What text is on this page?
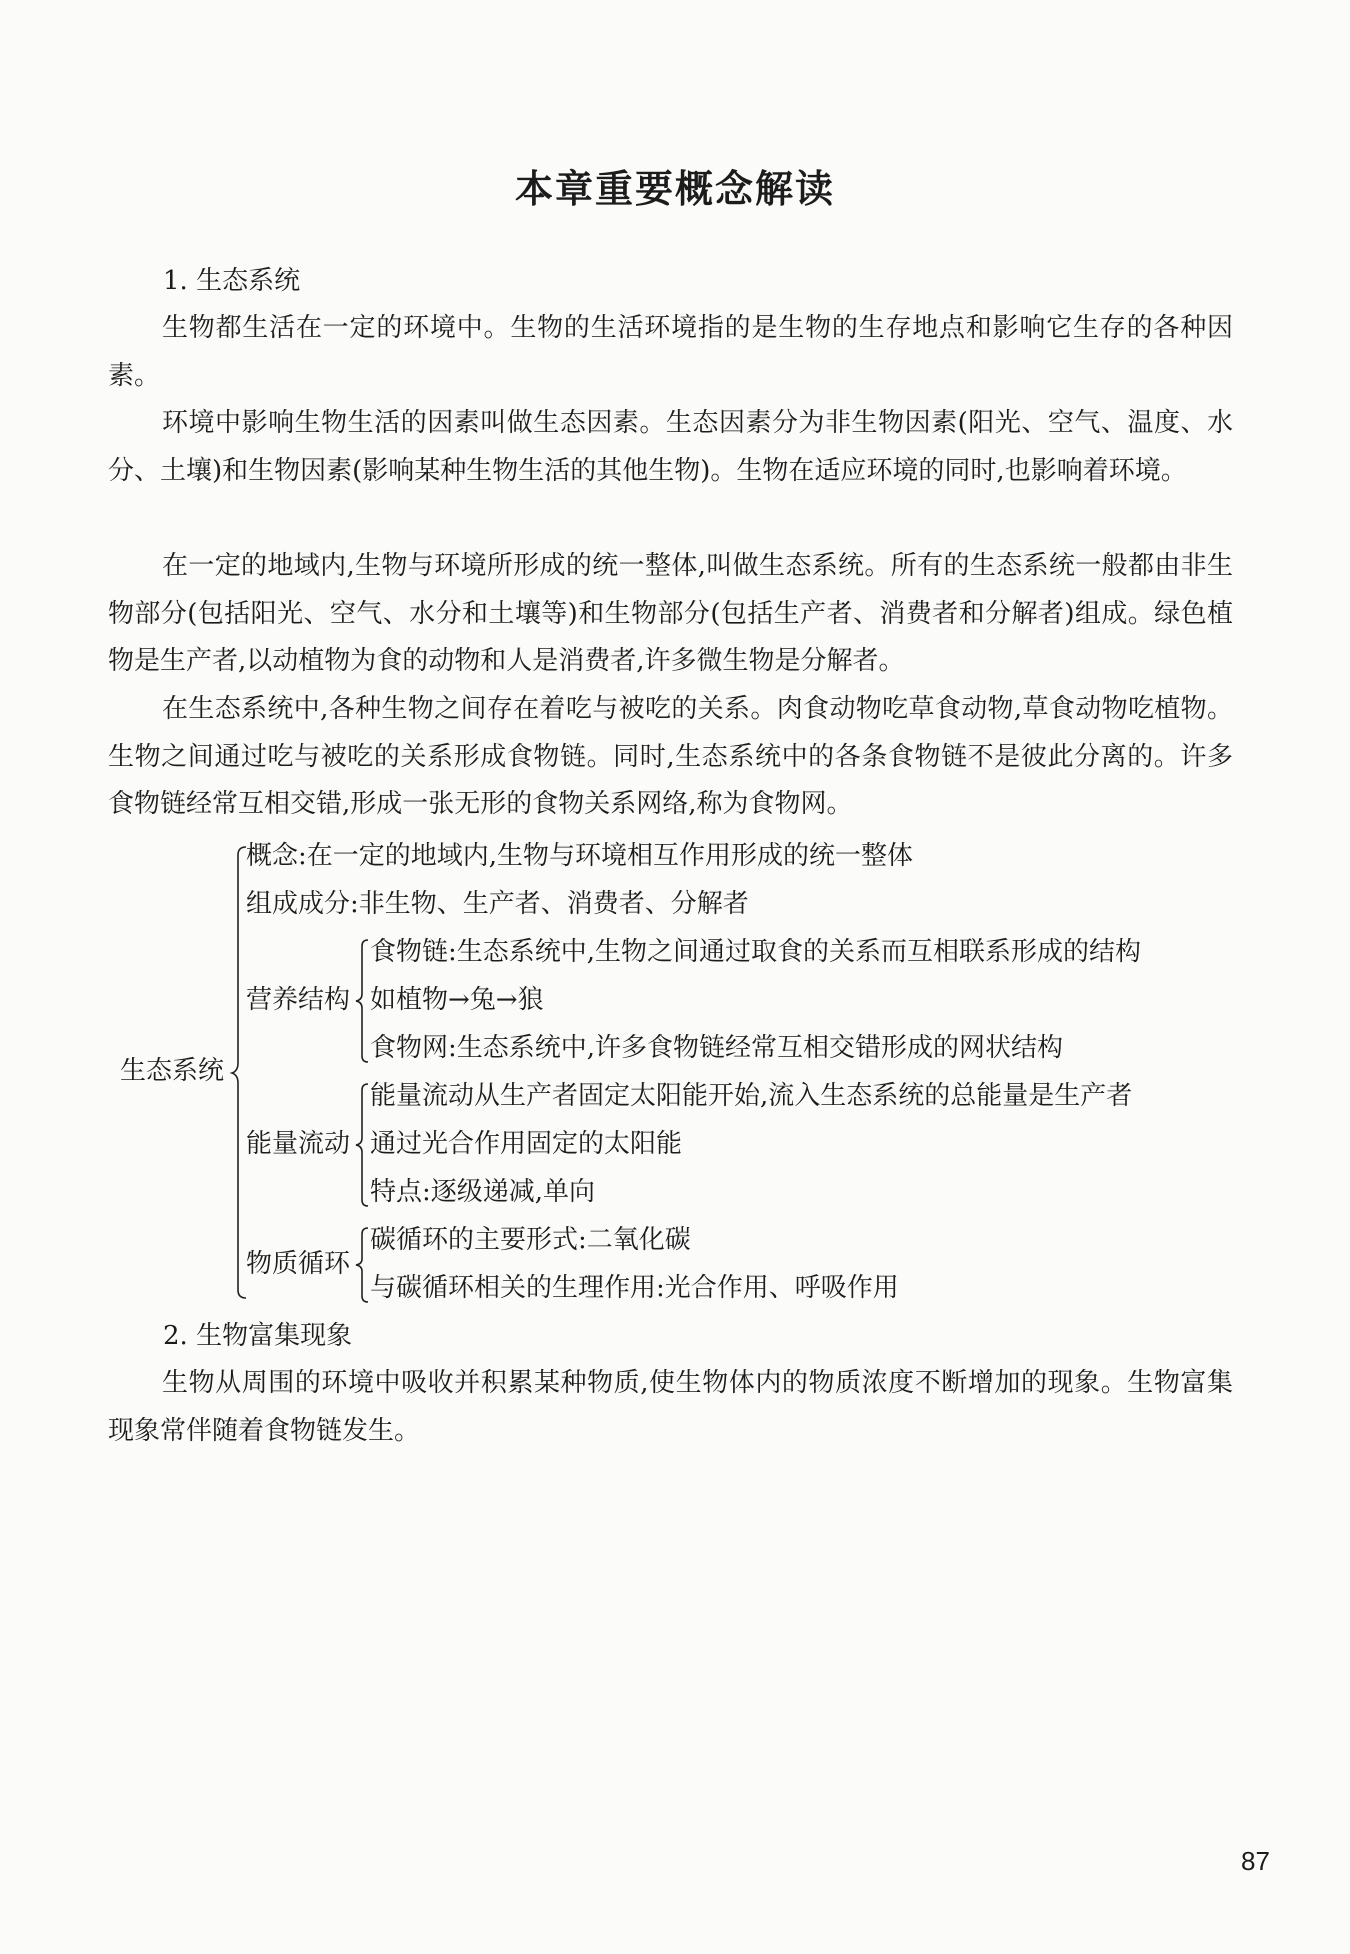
本章重要概念解读
1. 生态系统

生物都生活在一定的环境中。生物的生活环境指的是生物的生存地点和影响它生存的各种因素。

环境中影响生物生活的因素叫做生态因素。生态因素分为非生物因素(阳光、空气、温度、水分、土壤)和生物因素(影响某种生物生活的其他生物)。生物在适应环境的同时,也影响着环境。

在一定的地域内,生物与环境所形成的统一整体,叫做生态系统。所有的生态系统一般都由非生物部分(包括阳光、空气、水分和土壤等)和生物部分(包括生产者、消费者和分解者)组成。绿色植物是生产者,以动植物为食的动物和人是消费者,许多微生物是分解者。

在生态系统中,各种生物之间存在着吃与被吃的关系。肉食动物吃草食动物,草食动物吃植物。生物之间通过吃与被吃的关系形成食物链。同时,生态系统中的各条食物链不是彼此分离的。许多食物链经常互相交错,形成一张无形的食物关系网络,称为食物网。

生态系统
概念:在一定的地域内,生物与环境相互作用形成的统一整体
组成成分:非生物、生产者、消费者、分解者
营养结构
食物链:生态系统中,生物之间通过取食的关系而互相联系形成的结构
如植物→兔→狼
食物网:生态系统中,许多食物链经常互相交错形成的网状结构
能量流动
能量流动从生产者固定太阳能开始,流入生态系统的总能量是生产者
通过光合作用固定的太阳能
特点:逐级递减,单向
物质循环
碳循环的主要形式:二氧化碳
与碳循环相关的生理作用:光合作用、呼吸作用
2. 生物富集现象

生物从周围的环境中吸收并积累某种物质,使生物体内的物质浓度不断增加的现象。生物富集现象常伴随着食物链发生。

87
